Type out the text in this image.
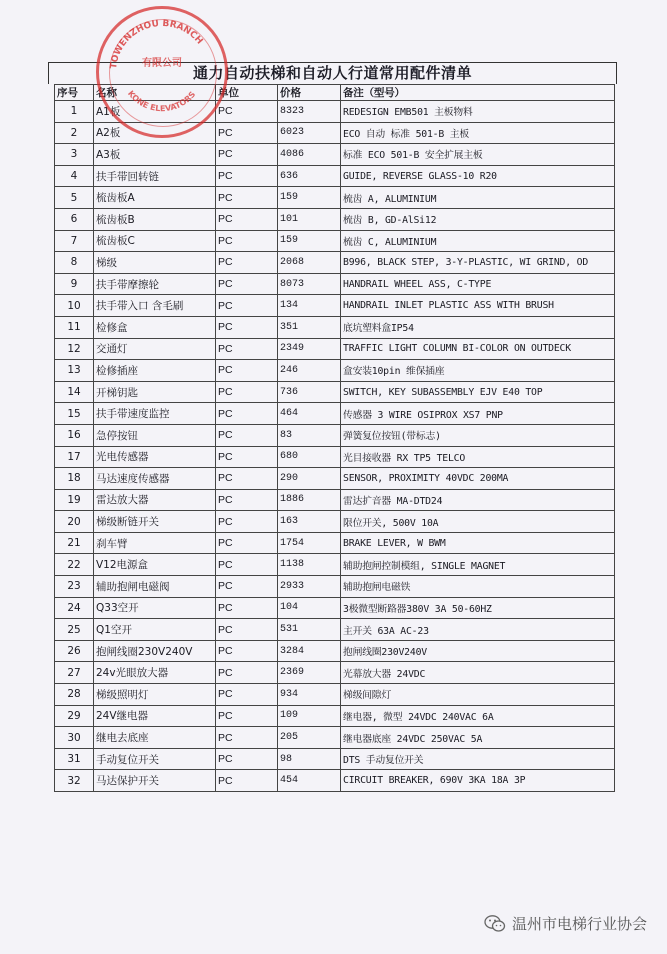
通力自动扶梯和自动人行道常用配件清单
序号	名称	单位	价格	备注（型号）
1	A1板	PC	8323	REDESIGN EMB501 主板物料
2	A2板	PC	6023	ECO 自动 标准 501-B 主板
3	A3板	PC	4086	标准 ECO 501-B 安全扩展主板
4	扶手带回转链	PC	636	GUIDE, REVERSE GLASS-10 R20
5	梳齿板A	PC	159	梳齿 A, ALUMINIUM
6	梳齿板B	PC	101	梳齿 B, GD-AlSi12
7	梳齿板C	PC	159	梳齿 C, ALUMINIUM
8	梯级	PC	2068	B996, BLACK STEP, 3-Y-PLASTIC, WI GRIND, OD
9	扶手带摩擦轮	PC	8073	HANDRAIL WHEEL ASS, C-TYPE
10	扶手带入口 含毛刷	PC	134	HANDRAIL INLET PLASTIC ASS WITH BRUSH
11	检修盒	PC	351	底坑塑料盒IP54
12	交通灯	PC	2349	TRAFFIC LIGHT COLUMN BI-COLOR ON OUTDECK
13	检修插座	PC	246	盒安装10pin 维保插座
14	开梯钥匙	PC	736	SWITCH, KEY SUBASSEMBLY EJV E40 TOP
15	扶手带速度监控	PC	464	传感器 3 WIRE OSIPROX XS7 PNP
16	急停按钮	PC	83	弹簧复位按钮(带标志)
17	光电传感器	PC	680	光目接收器 RX TP5 TELCO
18	马达速度传感器	PC	290	SENSOR, PROXIMITY 40VDC 200MA
19	雷达放大器	PC	1886	雷达扩音器 MA-DTD24
20	梯级断链开关	PC	163	限位开关, 500V 10A
21	刹车臂	PC	1754	BRAKE LEVER, W BWM
22	V12电源盒	PC	1138	辅助抱闸控制模组, SINGLE MAGNET
23	辅助抱闸电磁阀	PC	2933	辅助抱闸电磁铁
24	Q33空开	PC	104	3极微型断路器380V 3A 50-60HZ
25	Q1空开	PC	531	主开关 63A AC-23
26	抱闸线圈230V240V	PC	3284	抱闸线圈230V240V
27	24v光眼放大器	PC	2369	光幕放大器 24VDC
28	梯级照明灯	PC	934	梯级间隙灯
29	24V继电器	PC	109	继电器, 微型 24VDC 240VAC 6A
30	继电去底座	PC	205	继电器底座 24VDC 250VAC 5A
31	手动复位开关	PC	98	DTS 手动复位开关
32	马达保护开关	PC	454	CIRCUIT BREAKER, 690V 3KA 18A 3P
TOWENZHOU BRANCH
KONE ELEVATORS
有限公司
温州市电梯行业协会
